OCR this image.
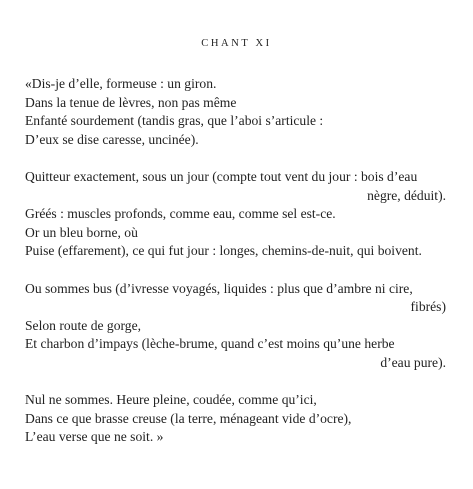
CHANT XI
«Dis-je d’elle, formeuse : un giron.
Dans la tenue de lèvres, non pas même
Enfanté sourdement (tandis gras, que l’aboi s’articule :
D’eux se dise caresse, uncinée).
Quitteur exactement, sous un jour (compte tout vent du jour : bois d’eau
nègre, déduit).
Gréés : muscles profonds, comme eau, comme sel est-ce.
Or un bleu borne, où
Puise (effarement), ce qui fut jour : longes, chemins-de-nuit, qui boivent.
Ou sommes bus (d’ivresse voyagés, liquides : plus que d’ambre ni cire,
fibrés)
Selon route de gorge,
Et charbon d’impays (lèche-brume, quand c’est moins qu’une herbe
d’eau pure).
Nul ne sommes. Heure pleine, coudée, comme qu’ici,
Dans ce que brasse creuse (la terre, ménageant vide d’ocre),
L’eau verse que ne soit. »
